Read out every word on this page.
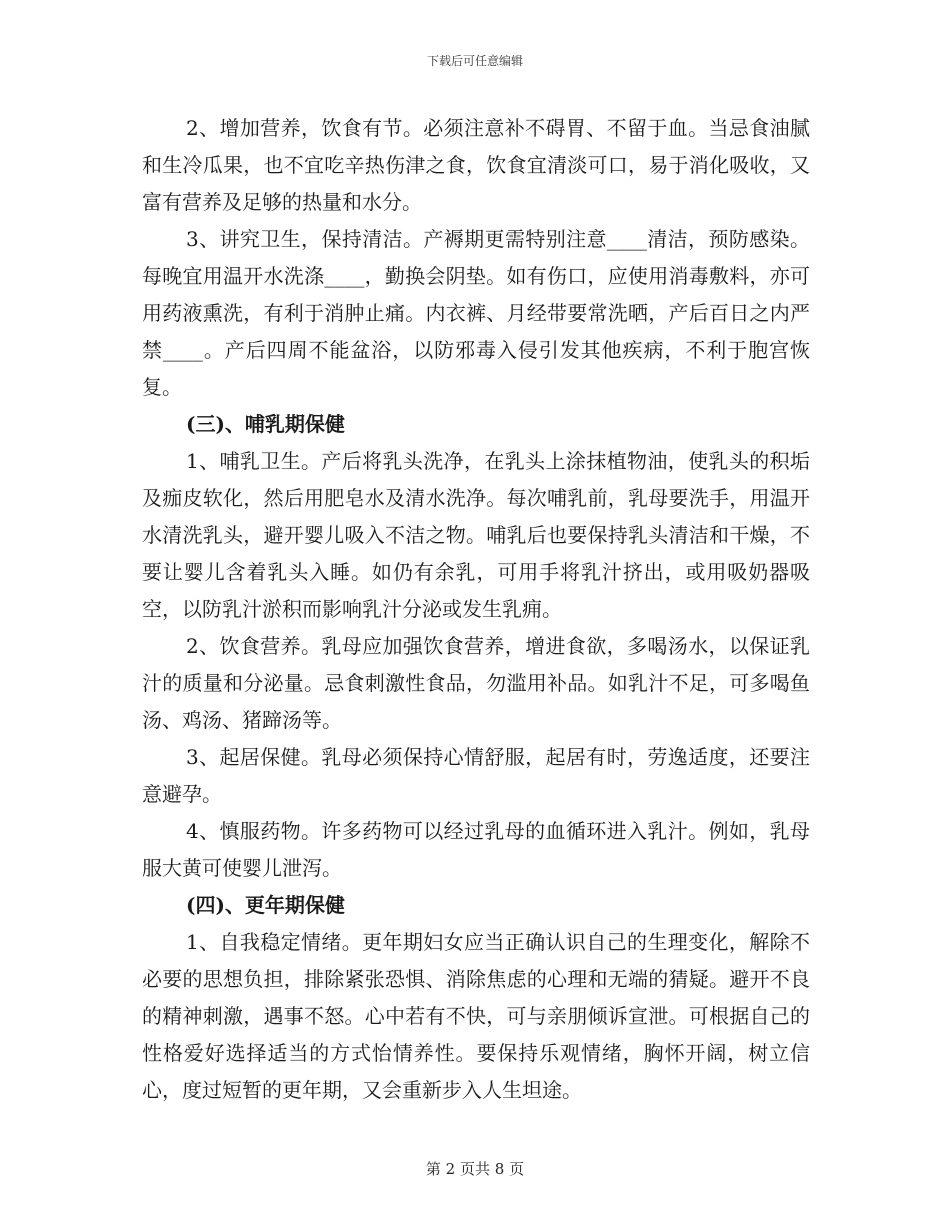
下载后可任意编辑

2、增加营养，饮食有节。必须注意补不碍胃、不留于血。当忌食油腻和生冷瓜果，也不宜吃辛热伤津之食，饮食宜清淡可口，易于消化吸收，又富有营养及足够的热量和水分。

3、讲究卫生，保持清洁。产褥期更需特别注意____清洁，预防感染。每晚宜用温开水洗涤____，勤换会阴垫。如有伤口，应使用消毒敷料，亦可用药液熏洗，有利于消肿止痛。内衣裤、月经带要常洗晒，产后百日之内严禁____。产后四周不能盆浴，以防邪毒入侵引发其他疾病，不利于胞宫恢复。

(三)、哺乳期保健

1、哺乳卫生。产后将乳头洗净，在乳头上涂抹植物油，使乳头的积垢及痂皮软化，然后用肥皂水及清水洗净。每次哺乳前，乳母要洗手，用温开水清洗乳头，避开婴儿吸入不洁之物。哺乳后也要保持乳头清洁和干燥，不要让婴儿含着乳头入睡。如仍有余乳，可用手将乳汁挤出，或用吸奶器吸空，以防乳汁淤积而影响乳汁分泌或发生乳痈。

2、饮食营养。乳母应加强饮食营养，增进食欲，多喝汤水，以保证乳汁的质量和分泌量。忌食刺激性食品，勿滥用补品。如乳汁不足，可多喝鱼汤、鸡汤、猪蹄汤等。

3、起居保健。乳母必须保持心情舒服，起居有时，劳逸适度，还要注意避孕。

4、慎服药物。许多药物可以经过乳母的血循环进入乳汁。例如，乳母服大黄可使婴儿泄泻。

(四)、更年期保健

1、自我稳定情绪。更年期妇女应当正确认识自己的生理变化，解除不必要的思想负担，排除紧张恐惧、消除焦虑的心理和无端的猜疑。避开不良的精神刺激，遇事不怒。心中若有不快，可与亲朋倾诉宣泄。可根据自己的性格爱好选择适当的方式怡情养性。要保持乐观情绪，胸怀开阔，树立信心，度过短暂的更年期，又会重新步入人生坦途。

第 2 页共 8 页
